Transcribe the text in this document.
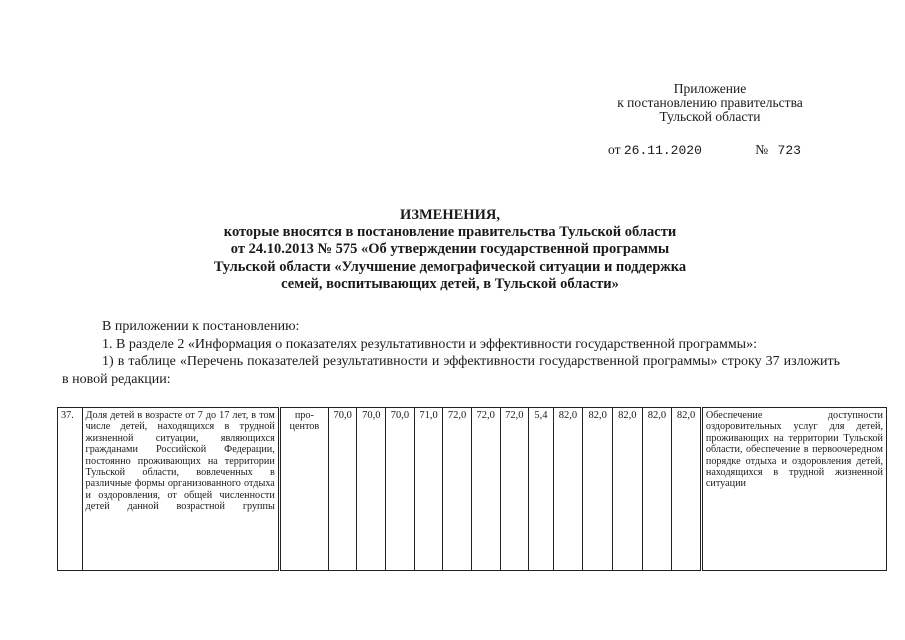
Приложение
к постановлению правительства
Тульской области
от 26.11.2020	№ 723
ИЗМЕНЕНИЯ,
которые вносятся в постановление правительства Тульской области
от 24.10.2013 № 575 «Об утверждении государственной программы
Тульской области «Улучшение демографической ситуации и поддержка
семей, воспитывающих детей, в Тульской области»

В приложении к постановлению:

1. В разделе 2 «Информация о показателях результативности и эффективности государственной программы»:

1) в таблице «Перечень показателей результативности и эффективности государственной программы» строку 37 изложить в новой редакции:

37.	Доля детей в возрасте от 7 до 17 лет, в том числе детей, находящихся в трудной жизненной ситуации, являющихся гражданами Российской Федерации, постоянно проживающих на территории Тульской области, вовлеченных в различные формы организованного отдыха и оздоровления, от общей численности детей данной возрастной группы	про-центов	70,0	70,0	70,0	71,0	72,0	72,0	72,0	5,4	82,0	82,0	82,0	82,0	82,0	Обеспечение доступности оздоровительных услуг для детей, проживающих на территории Тульской области, обеспечение в первоочередном порядке отдыха и оздоровления детей, находящихся в трудной жизненной ситуации
